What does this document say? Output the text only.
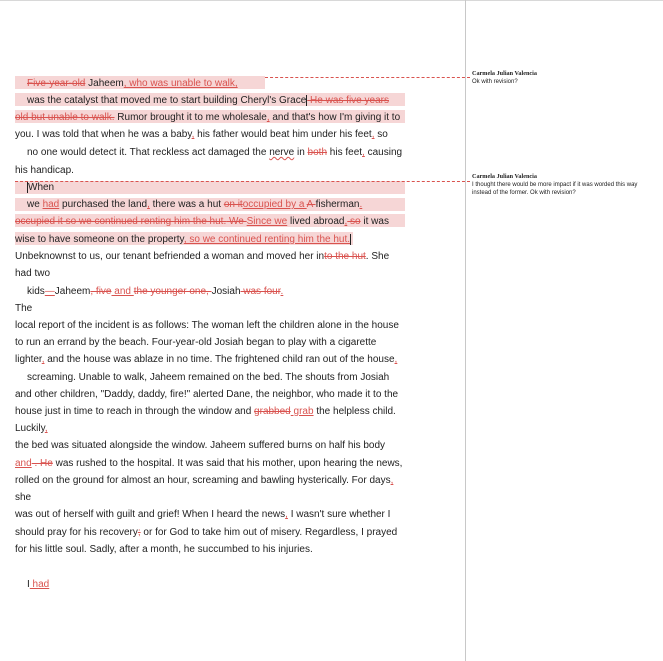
Carmela Julian Valencia
Ok with revision?
Carmela Julian Valencia
I thought there would be more impact if it was worded this way instead of the former. Ok with revision?
Five-year-old Jaheem, who was unable to walk,
was the catalyst that moved me to start building Cheryl's Grace He was five years
old but unable to walk. Rumor brought it to me wholesale, and that's how I'm giving it to
you. I was told that when he was a baby, his father would beat him under his feet, so
no one would detect it. That reckless act damaged the nerve in both his feet, causing
his handicap.
When
we had purchased the land, there was a hut on itoccupied by a A fisherman.
occupied it so we continued renting him the hut. We Since we lived abroad, so it was
wise to have someone on the property, so we continued renting him the hut.
Unbeknownst to us, our tenant befriended a woman and moved her into the hut. She
had two
kids—Jaheem, five and the younger one, Josiah was four.
The
local report of the incident is as follows: The woman left the children alone in the house
to run an errand by the beach. Four-year-old Josiah began to play with a cigarette
lighter, and the house was ablaze in no time. The frightened child ran out of the house,
screaming. Unable to walk, Jaheem remained on the bed. The shouts from Josiah
and other children, "Daddy, daddy, fire!" alerted Dane, the neighbor, who made it to the
house just in time to reach in through the window and grabbed grab the helpless child.
Luckily,
the bed was situated alongside the window. Jaheem suffered burns on half his body
and . He was rushed to the hospital. It was said that his mother, upon hearing the news,
rolled on the ground for almost an hour, screaming and bawling hysterically. For days,
she
was out of herself with guilt and grief! When I heard the news, I wasn't sure whether I
should pray for his recovery; or for God to take him out of misery. Regardless, I prayed
for his little soul. Sadly, after a month, he succumbed to his injuries.
I had
